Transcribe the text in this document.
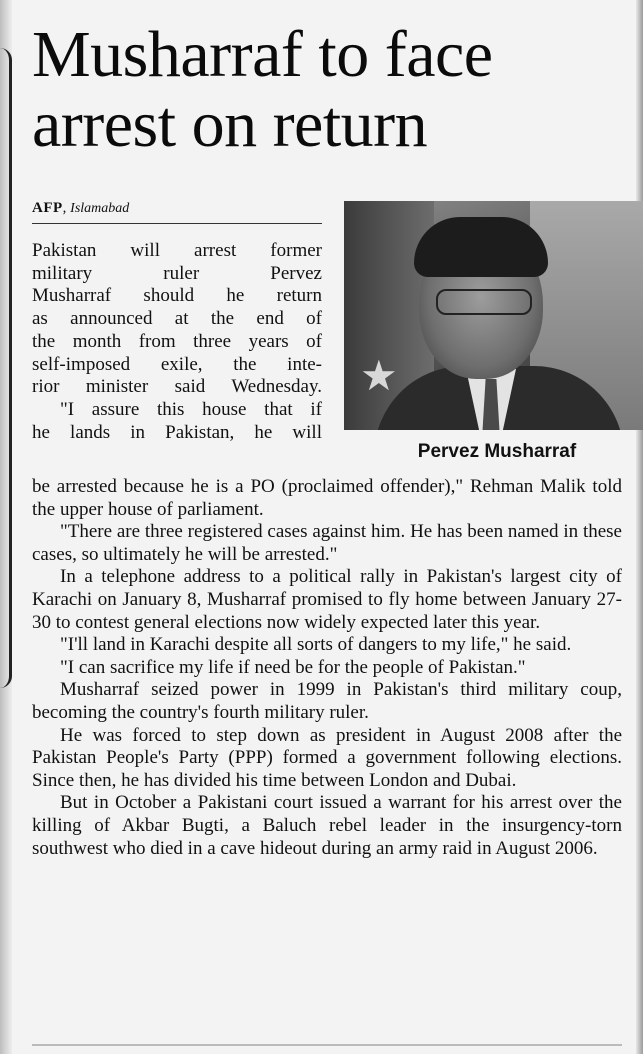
Musharraf to face
arrest on return
AFP, Islamabad
★
Pervez Musharraf
Pakistan will arrest former
military ruler Pervez
Musharraf should he return
as announced at the end of
the month from three years of
self-imposed exile, the inte-
rior minister said Wednesday.
"I assure this house that if
he lands in Pakistan, he will

be arrested because he is a PO (proclaimed offender)," Rehman Malik told the upper house of parliament.

"There are three registered cases against him. He has been named in these cases, so ultimately he will be arrested."

In a telephone address to a political rally in Pakistan's largest city of Karachi on January 8, Musharraf promised to fly home between January 27-30 to contest general elections now widely expected later this year.

"I'll land in Karachi despite all sorts of dangers to my life," he said.

"I can sacrifice my life if need be for the people of Pakistan."

Musharraf seized power in 1999 in Pakistan's third military coup, becoming the country's fourth military ruler.

He was forced to step down as president in August 2008 after the Pakistan People's Party (PPP) formed a government following elections. Since then, he has divided his time between London and Dubai.

But in October a Pakistani court issued a warrant for his arrest over the killing of Akbar Bugti, a Baluch rebel leader in the insurgency-torn southwest who died in a cave hideout during an army raid in August 2006.
